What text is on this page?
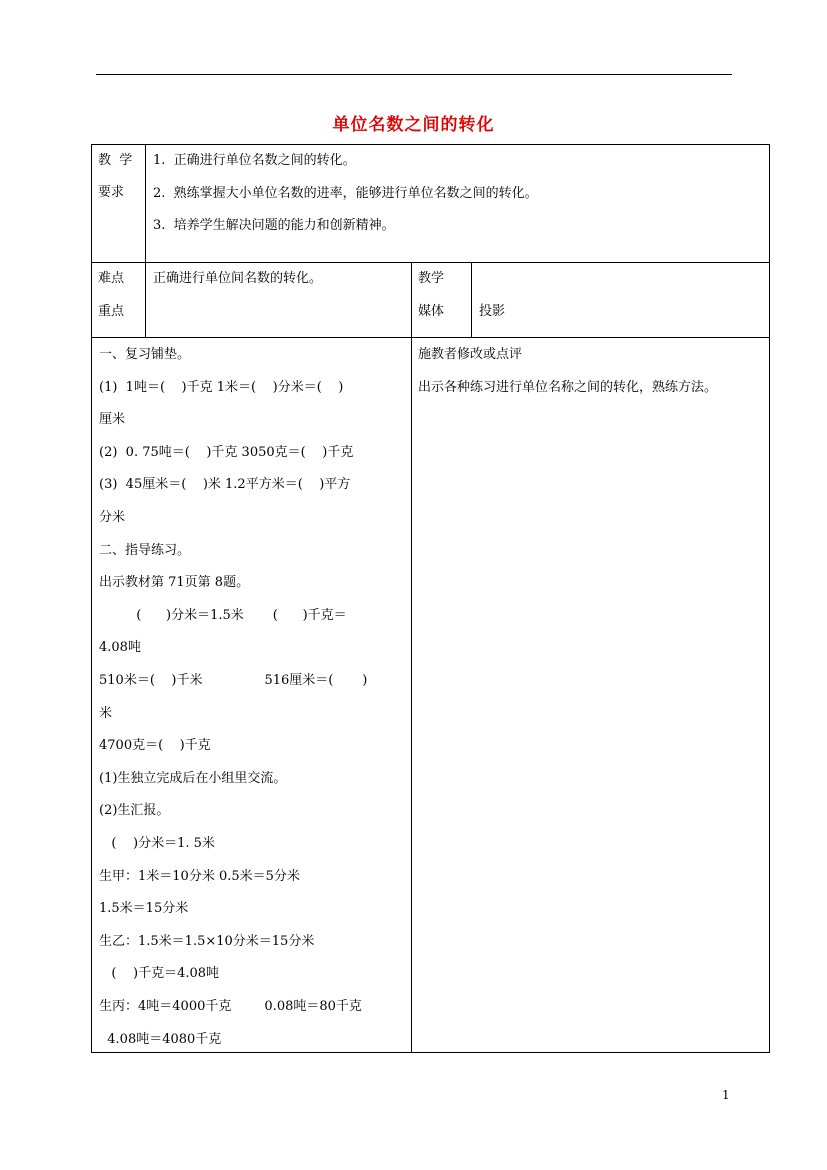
单位名数之间的转化
教  学
要求
1.  正确进行单位名数之间的转化。
2.  熟练掌握大小单位名数的进率，能够进行单位名数之间的转化。
3.  培养学生解决问题的能力和创新精神。
难点
重点
正确进行单位间名数的转化。	教学
媒体	投影
施教者修改或点评
出示各种练习进行单位名称之间的转化，熟练方法。
一、复习铺垫。
(1)  1吨＝(    )千克 1米＝(    )分米＝(    )
厘米
(2)  0. 75吨＝(    )千克 3050克＝(    )千克
(3)  45厘米＝(    )米 1.2平方米＝(    )平方
分米
二、指导练习。
出示教材第 71页第 8题。
(      )分米＝1.5米       (      )千克＝
4.08吨
510米＝(    )千米               516厘米＝(       )
米
4700克＝(    )千克
(1)生独立完成后在小组里交流。
(2)生汇报。
(    )分米＝1. 5米
生甲：1米＝10分米 0.5米＝5分米
1.5米＝15分米
生乙：1.5米＝1.5×10分米＝15分米
(    )千克＝4.08吨
生丙：4吨＝4000千克        0.08吨＝80千克
4.08吨＝4080千克
1
